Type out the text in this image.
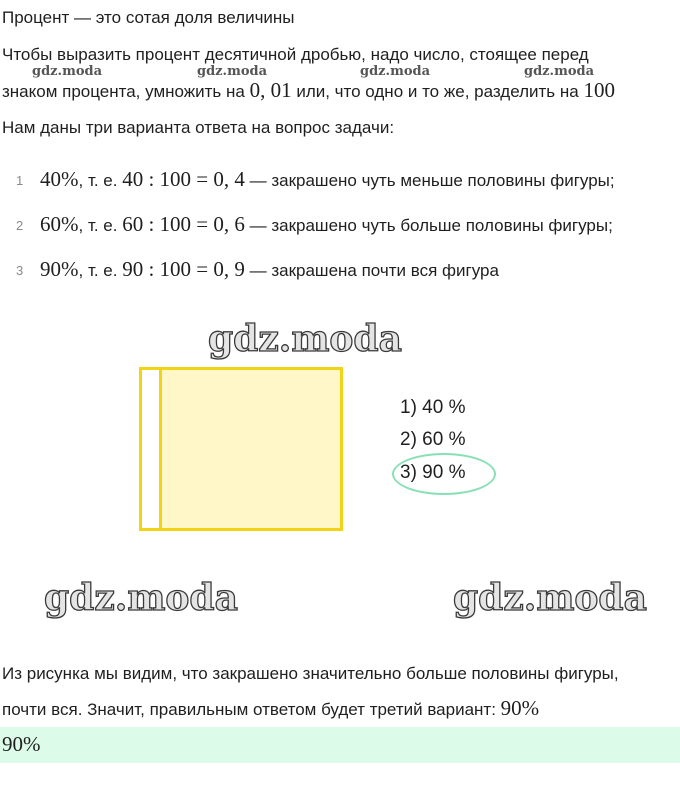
Процент — это сотая доля величины
Чтобы выразить процент десятичной дробью, надо число, стоящее перед
gdz.moda	gdz.moda	gdz.moda	gdz.moda
знаком процента, умножить на 0, 01 или, что одно и то же, разделить на 100
Нам даны три варианта ответа на вопрос задачи:
1 40%, т. е. 40 : 100 = 0, 4 — закрашено чуть меньше половины фигуры;
2 60%, т. е. 60 : 100 = 0, 6 — закрашено чуть больше половины фигуры;
3 90%, т. е. 90 : 100 = 0, 9 — закрашена почти вся фигура
gdz.moda
1) 40 %
2) 60 %
3) 90 %
gdz.moda	gdz.moda
Из рисунка мы видим, что закрашено значительно больше половины фигуры,
почти вся. Значит, правильным ответом будет третий вариант: 90%
90%
